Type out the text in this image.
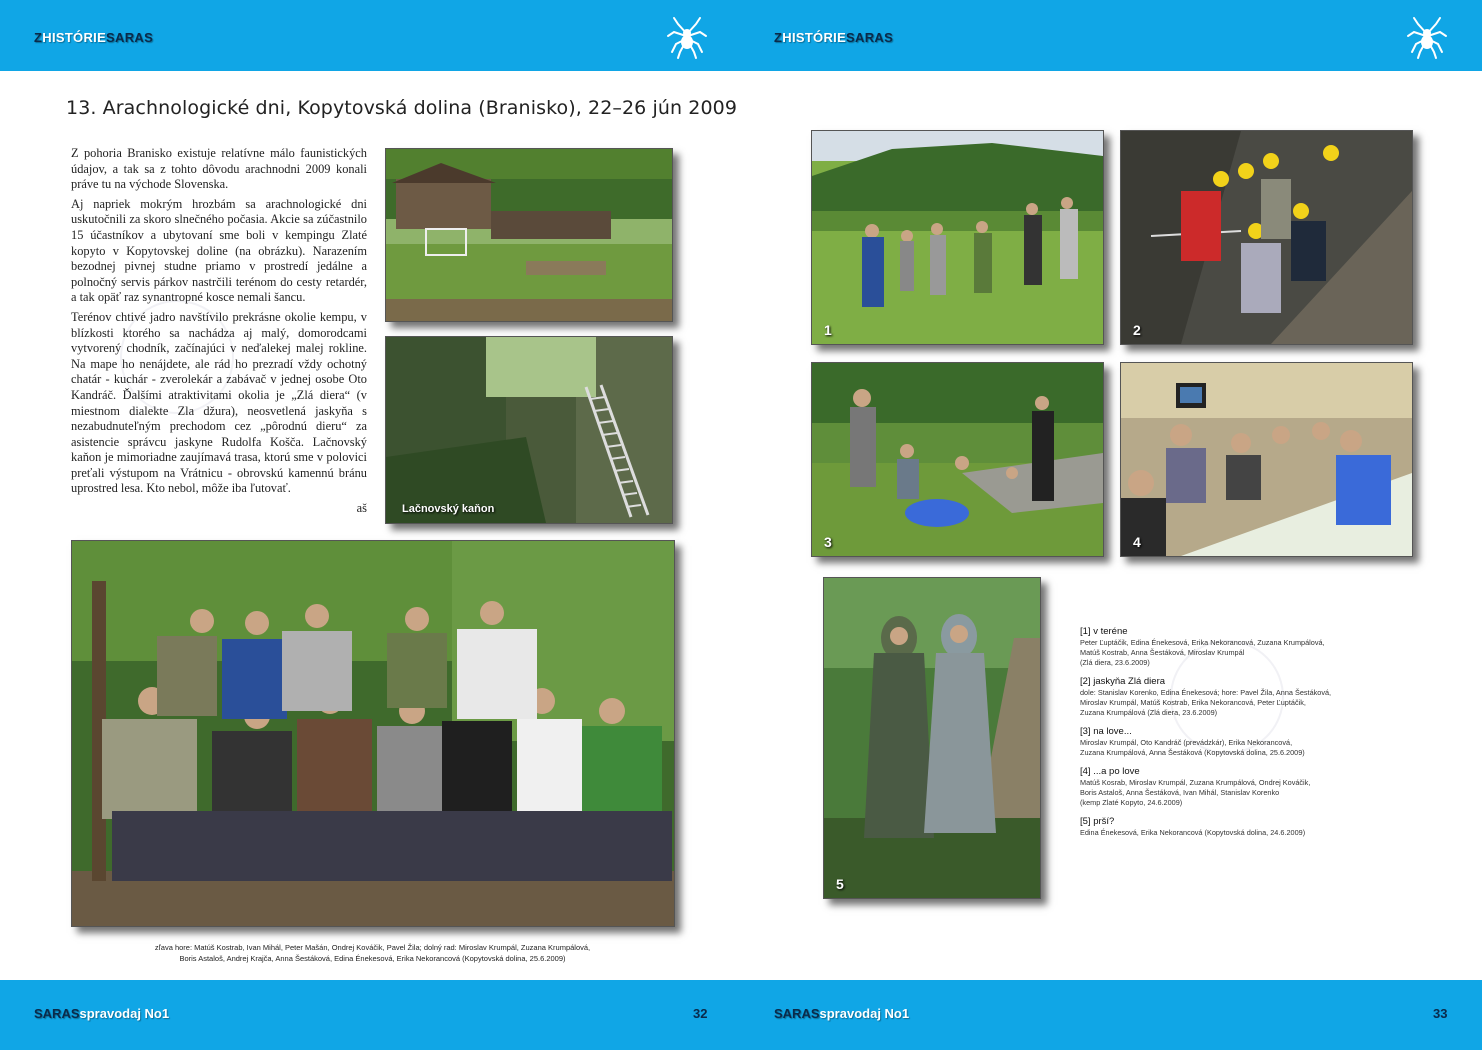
ZHISTÓRIESARAS	ZHISTÓRIESARAS
SARASspravodaj No1	32	SARASspravodaj No1	33
13. Arachnologické dni, Kopytovská dolina (Branisko), 22–26 jún 2009

Z pohoria Branisko existuje relatívne málo faunistických údajov, a tak sa z tohto dôvodu arachnodni 2009 konali práve tu na východe Slovenska.

Aj napriek mokrým hrozbám sa arachnologické dni uskutočnili za skoro slnečného počasia. Akcie sa zúčastnilo 15 účastníkov a ubytovaní sme boli v kempingu Zlaté kopyto v Kopytovskej doline (na obrázku). Narazením bezodnej pivnej studne priamo v prostredí jedálne a polnočný servis párkov nastrčili terénom do cesty retardér, a tak opäť raz synantropné kosce nemali šancu.

Terénov chtivé jadro navštívilo prekrásne okolie kempu, v blízkosti ktorého sa nachádza aj malý, domorodcami vytvorený chodník, začínajúci v neďalekej malej rokline. Na mape ho nenájdete, ale rád ho prezradí vždy ochotný chatár - kuchár - zverolekár a zabávač v jednej osobe Oto Kandráč. Ďalšími atraktivitami okolia je „Zlá diera“ (v miestnom dialekte Zla džura), neosvetlená jaskyňa s nezabudnuteľným prechodom cez „pôrodnú dieru“ za asistencie správcu jaskyne Rudolfa Košča. Lačnovský kaňon je mimoriadne zaujímavá trasa, ktorú sme v polovici preťali výstupom na Vrátnicu - obrovskú kamennú bránu uprostred lesa. Kto nebol, môže iba ľutovať.

aš	Lačnovský kaňon
zľava hore: Matúš Kostrab, Ivan Mihál, Peter Mašán, Ondrej Kováčik, Pavel Žila; dolný rad: Miroslav Krumpál, Zuzana Krumpálová,
Boris Astaloš, Andrej Krajča, Anna Šestáková, Edina Énekesová, Erika Nekorancová (Kopytovská dolina, 25.6.2009)
1	2
3	4
5
[1] v teréne
Peter Ľuptáčik, Edina Énekesová, Erika Nekorancová, Zuzana Krumpálová,
Matúš Kostrab, Anna Šestáková, Miroslav Krumpál
(Zlá diera, 23.6.2009)
[2] jaskyňa Zlá diera
dole: Stanislav Korenko, Edina Énekesová; hore: Pavel Žila, Anna Šestáková,
Miroslav Krumpál, Matúš Kostrab, Erika Nekorancová, Peter Ľuptáčik,
Zuzana Krumpálová (Zlá diera, 23.6.2009)
[3] na love...
Miroslav Krumpál, Oto Kandráč (prevádzkár), Erika Nekorancová,
Zuzana Krumpálová, Anna Šestáková (Kopytovská dolina, 25.6.2009)
[4] ...a po love
Matúš Kosrab, Miroslav Krumpál, Zuzana Krumpálová, Ondrej Kováčik,
Boris Astaloš, Anna Šestáková, Ivan Mihál, Stanislav Korenko
(kemp Zlaté Kopyto, 24.6.2009)
[5] prší?
Edina Énekesová, Erika Nekorancová (Kopytovská dolina, 24.6.2009)
